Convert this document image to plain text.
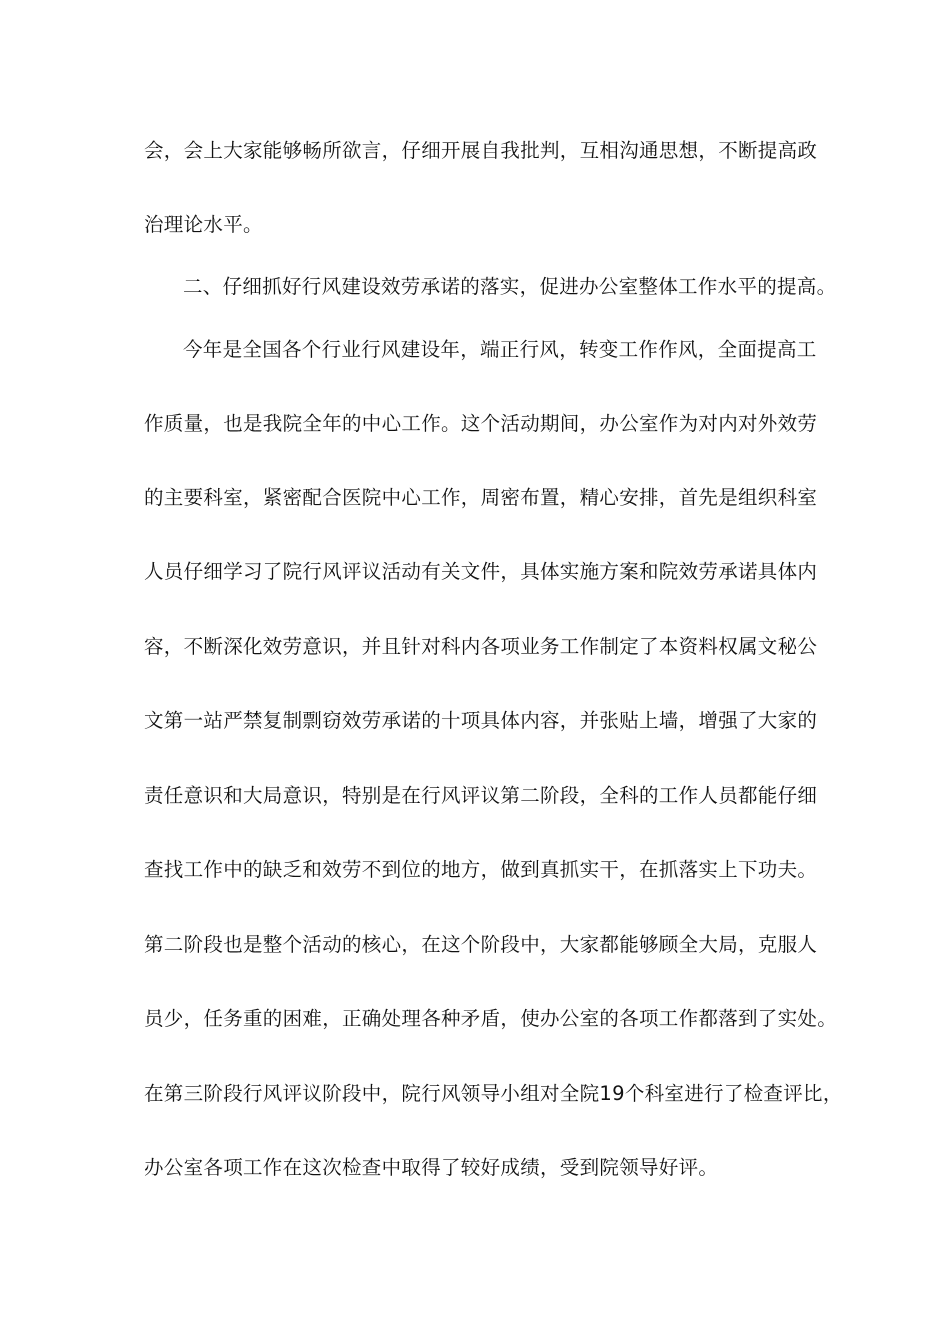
会，会上大家能够畅所欲言，仔细开展自我批判，互相沟通思想，不断提高政
治理论水平。
二、仔细抓好行风建设效劳承诺的落实，促进办公室整体工作水平的提高。
今年是全国各个行业行风建设年，端正行风，转变工作作风，全面提高工
作质量，也是我院全年的中心工作。这个活动期间，办公室作为对内对外效劳
的主要科室，紧密配合医院中心工作，周密布置，精心安排，首先是组织科室
人员仔细学习了院行风评议活动有关文件，具体实施方案和院效劳承诺具体内
容，不断深化效劳意识，并且针对科内各项业务工作制定了本资料权属文秘公
文第一站严禁复制剽窃效劳承诺的十项具体内容，并张贴上墙，增强了大家的
责任意识和大局意识，特别是在行风评议第二阶段，全科的工作人员都能仔细
查找工作中的缺乏和效劳不到位的地方，做到真抓实干，在抓落实上下功夫。
第二阶段也是整个活动的核心，在这个阶段中，大家都能够顾全大局，克服人
员少，任务重的困难，正确处理各种矛盾，使办公室的各项工作都落到了实处。
在第三阶段行风评议阶段中，院行风领导小组对全院19个科室进行了检查评比，
办公室各项工作在这次检查中取得了较好成绩，受到院领导好评。
